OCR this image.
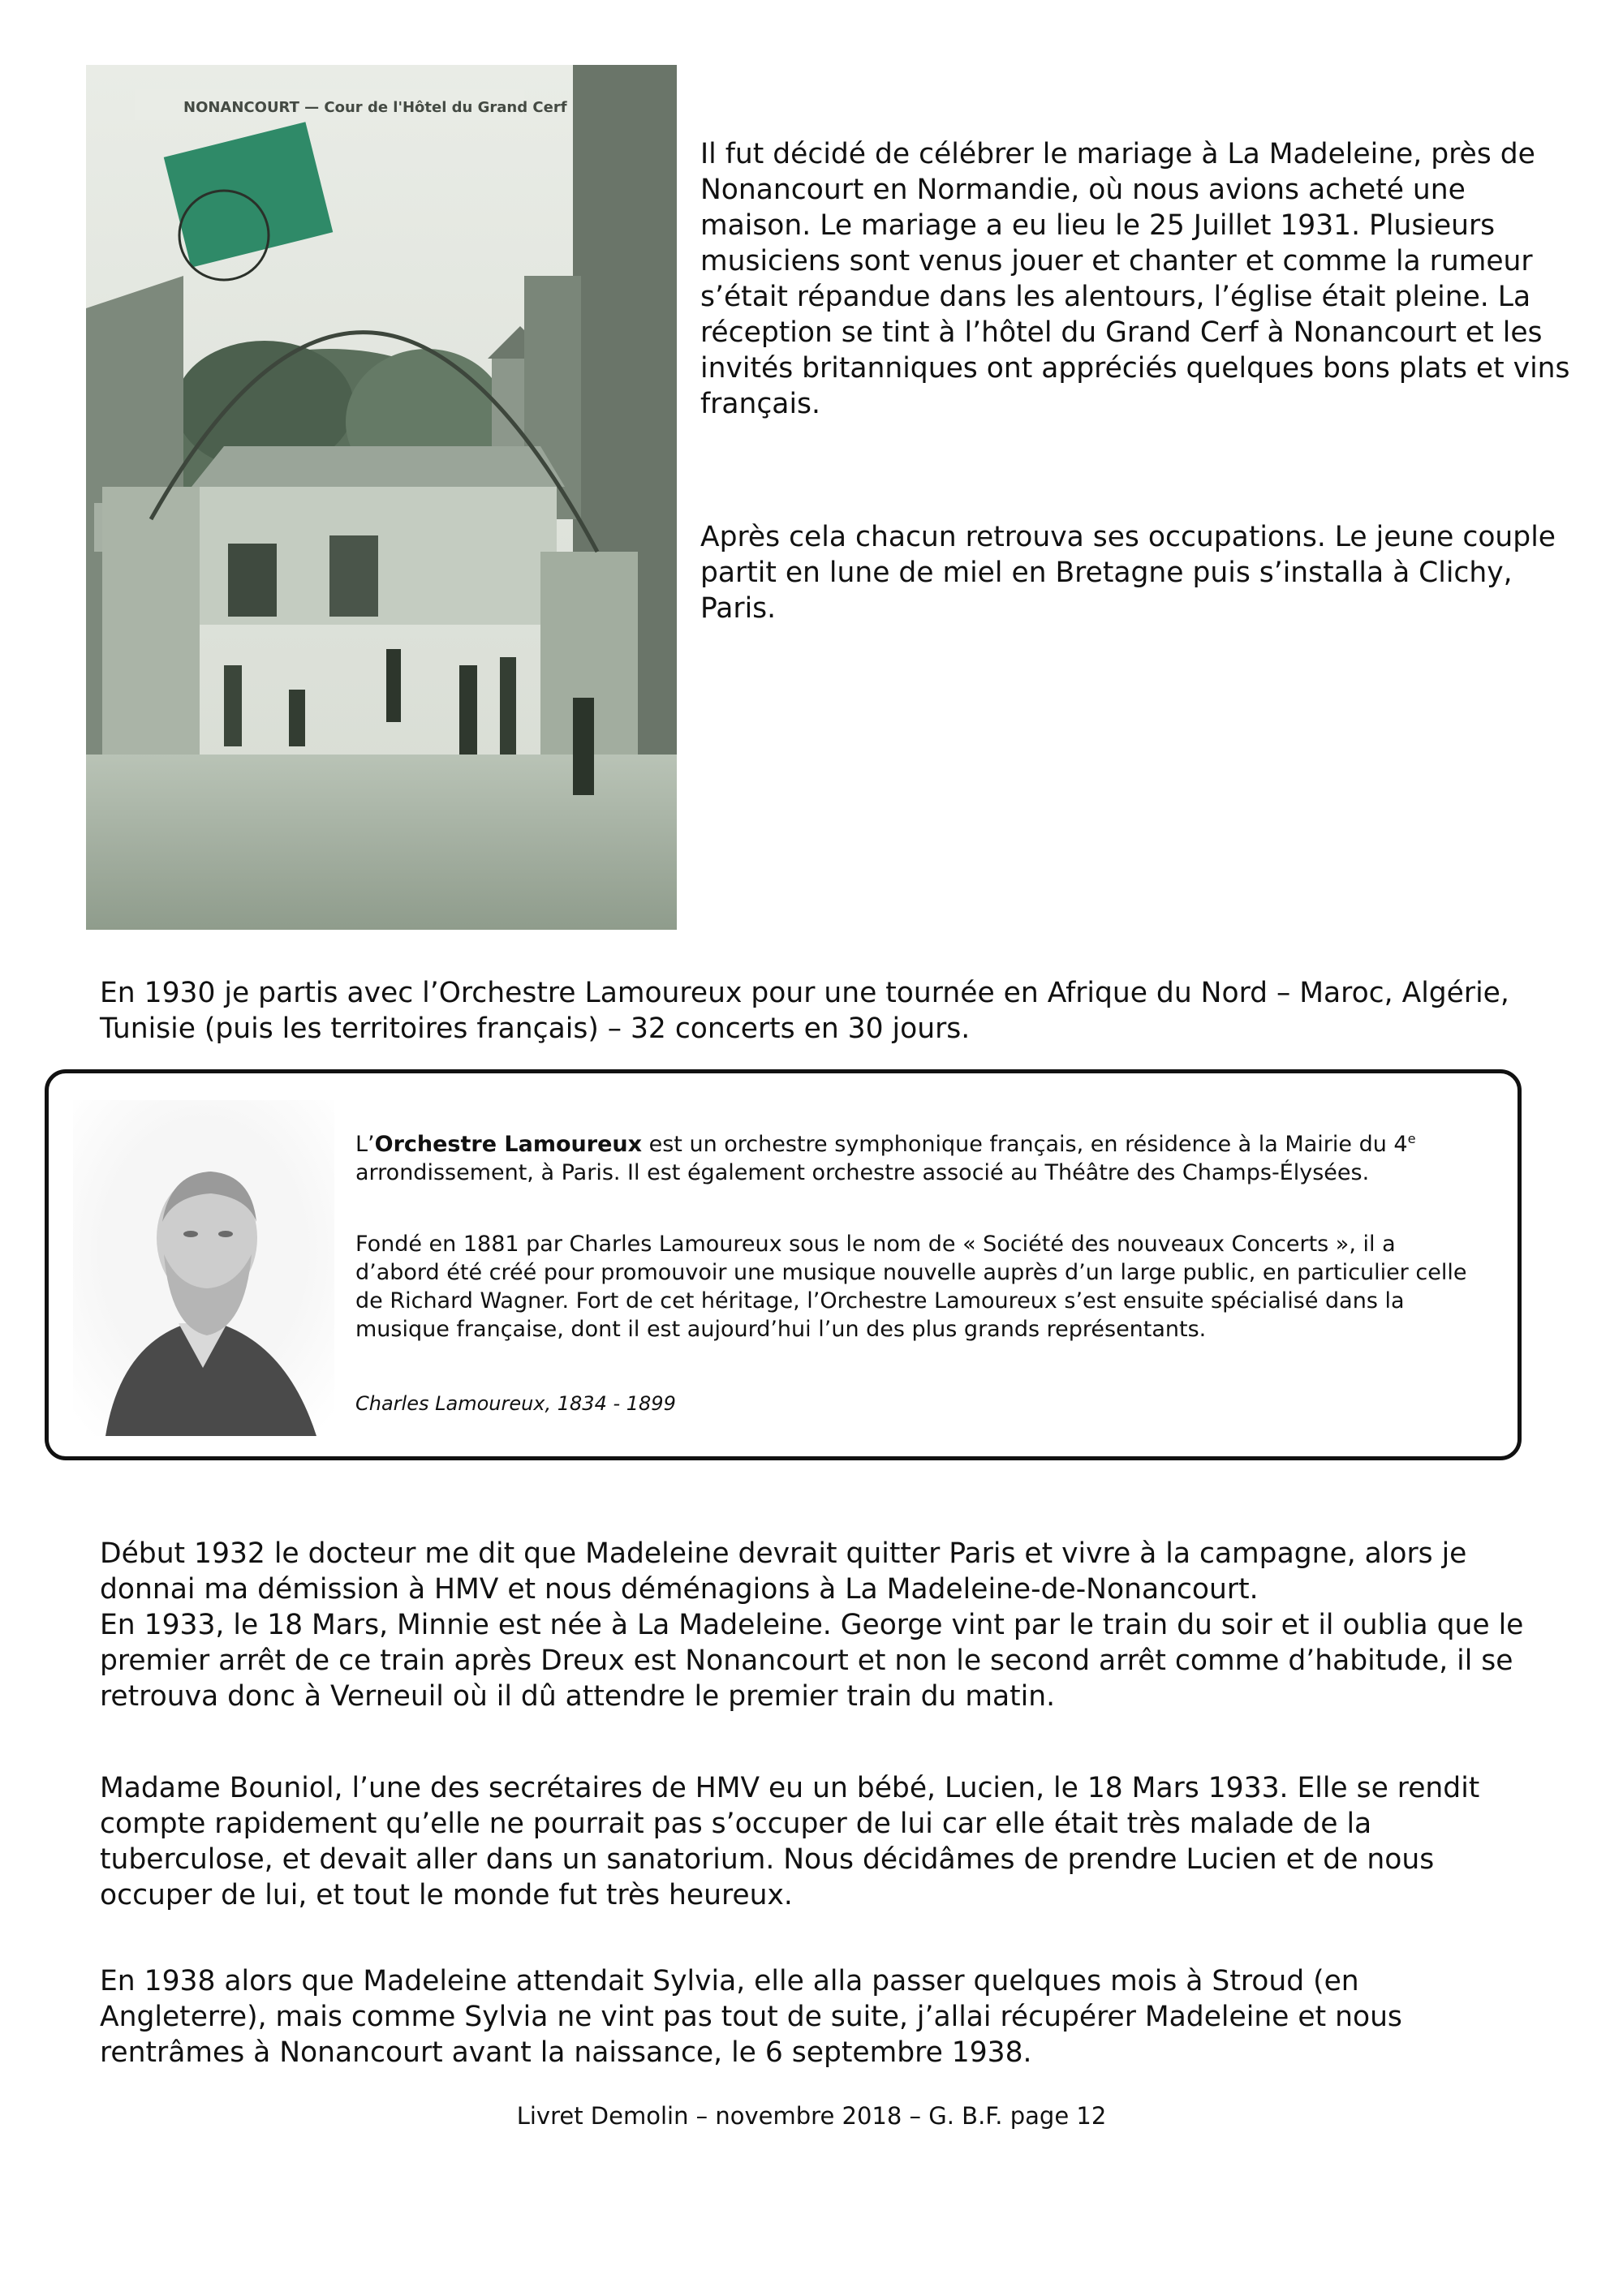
NONANCOURT — Cour de l'Hôtel du Grand Cerf

Il fut décidé de célébrer le mariage à La Madeleine, près de Nonancourt en Normandie, où nous avions acheté une maison. Le mariage a eu lieu le 25 Juillet 1931. Plusieurs musiciens sont venus jouer et chanter et comme la rumeur s’était répandue dans les alentours, l’église était pleine. La réception se tint à l’hôtel du Grand Cerf à Nonancourt et les invités britanniques ont appréciés quelques bons plats et vins français.

Après cela chacun retrouva ses occupations. Le jeune couple partit en lune de miel en Bretagne puis s’installa à Clichy, Paris.

En 1930 je partis avec l’Orchestre Lamoureux pour une tournée en Afrique du Nord – Maroc, Algérie, Tunisie (puis les territoires français) – 32 concerts en 30 jours.

L’Orchestre Lamoureux est un orchestre symphonique français, en résidence à la Mairie du 4e arrondissement, à Paris. Il est également orchestre associé au Théâtre des Champs-Élysées.

Fondé en 1881 par Charles Lamoureux sous le nom de « Société des nouveaux Concerts », il a d’abord été créé pour promouvoir une musique nouvelle auprès d’un large public, en particulier celle de Richard Wagner. Fort de cet héritage, l’Orchestre Lamoureux s’est ensuite spécialisé dans la musique française, dont il est aujourd’hui l’un des plus grands représentants.

Charles Lamoureux, 1834 - 1899

Début 1932 le docteur me dit que Madeleine devrait quitter Paris et vivre à la campagne, alors je donnai ma démission à HMV et nous déménagions à La Madeleine-de-Nonancourt.
En 1933, le 18 Mars, Minnie est née à La Madeleine. George vint par le train du soir et il oublia que le premier arrêt de ce train après Dreux est Nonancourt et non le second arrêt comme d’habitude, il se retrouva donc à Verneuil où il dû attendre le premier train du matin.

Madame Bouniol, l’une des secrétaires de HMV eu un bébé, Lucien, le 18 Mars 1933. Elle se rendit compte rapidement qu’elle ne pourrait pas s’occuper de lui car elle était très malade de la tuberculose, et devait aller dans un sanatorium. Nous décidâmes de prendre Lucien et de nous occuper de lui, et tout le monde fut très heureux.

En 1938 alors que Madeleine attendait Sylvia, elle alla passer quelques mois à Stroud (en Angleterre), mais comme Sylvia ne vint pas tout de suite, j’allai récupérer Madeleine et nous rentrâmes à Nonancourt avant la naissance, le 6 septembre 1938.

Livret Demolin – novembre 2018 – G. B.F. page 12
